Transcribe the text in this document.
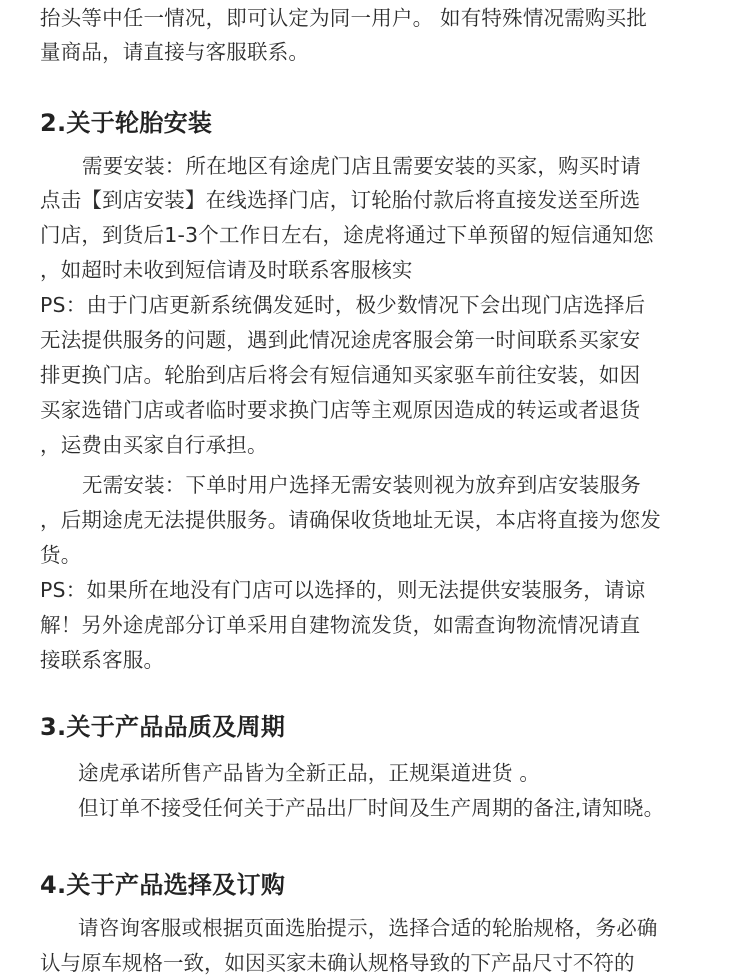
抬头等中任一情况，即可认定为同一用户。 如有特殊情况需购买批
量商品，请直接与客服联系。
2.关于轮胎安装
需要安装：所在地区有途虎门店且需要安装的买家，购买时请
点击【到店安装】在线选择门店，订轮胎付款后将直接发送至所选
门店，到货后1-3个工作日左右，途虎将通过下单预留的短信通知您
，如超时未收到短信请及时联系客服核实
PS：由于门店更新系统偶发延时，极少数情况下会出现门店选择后
无法提供服务的问题，遇到此情况途虎客服会第一时间联系买家安
排更换门店。轮胎到店后将会有短信通知买家驱车前往安装，如因
买家选错门店或者临时要求换门店等主观原因造成的转运或者退货
，运费由买家自行承担。
无需安装：下单时用户选择无需安装则视为放弃到店安装服务
，后期途虎无法提供服务。请确保收货地址无误，本店将直接为您发
货。
PS：如果所在地没有门店可以选择的，则无法提供安装服务，请谅
解！另外途虎部分订单采用自建物流发货，如需查询物流情况请直
接联系客服。
3.关于产品品质及周期
途虎承诺所售产品皆为全新正品，正规渠道进货 。
但订单不接受任何关于产品出厂时间及生产周期的备注,请知晓。
4.关于产品选择及订购
请咨询客服或根据页面选胎提示，选择合适的轮胎规格，务必确
认与原车规格一致，如因买家未确认规格导致的下产品尺寸不符的
